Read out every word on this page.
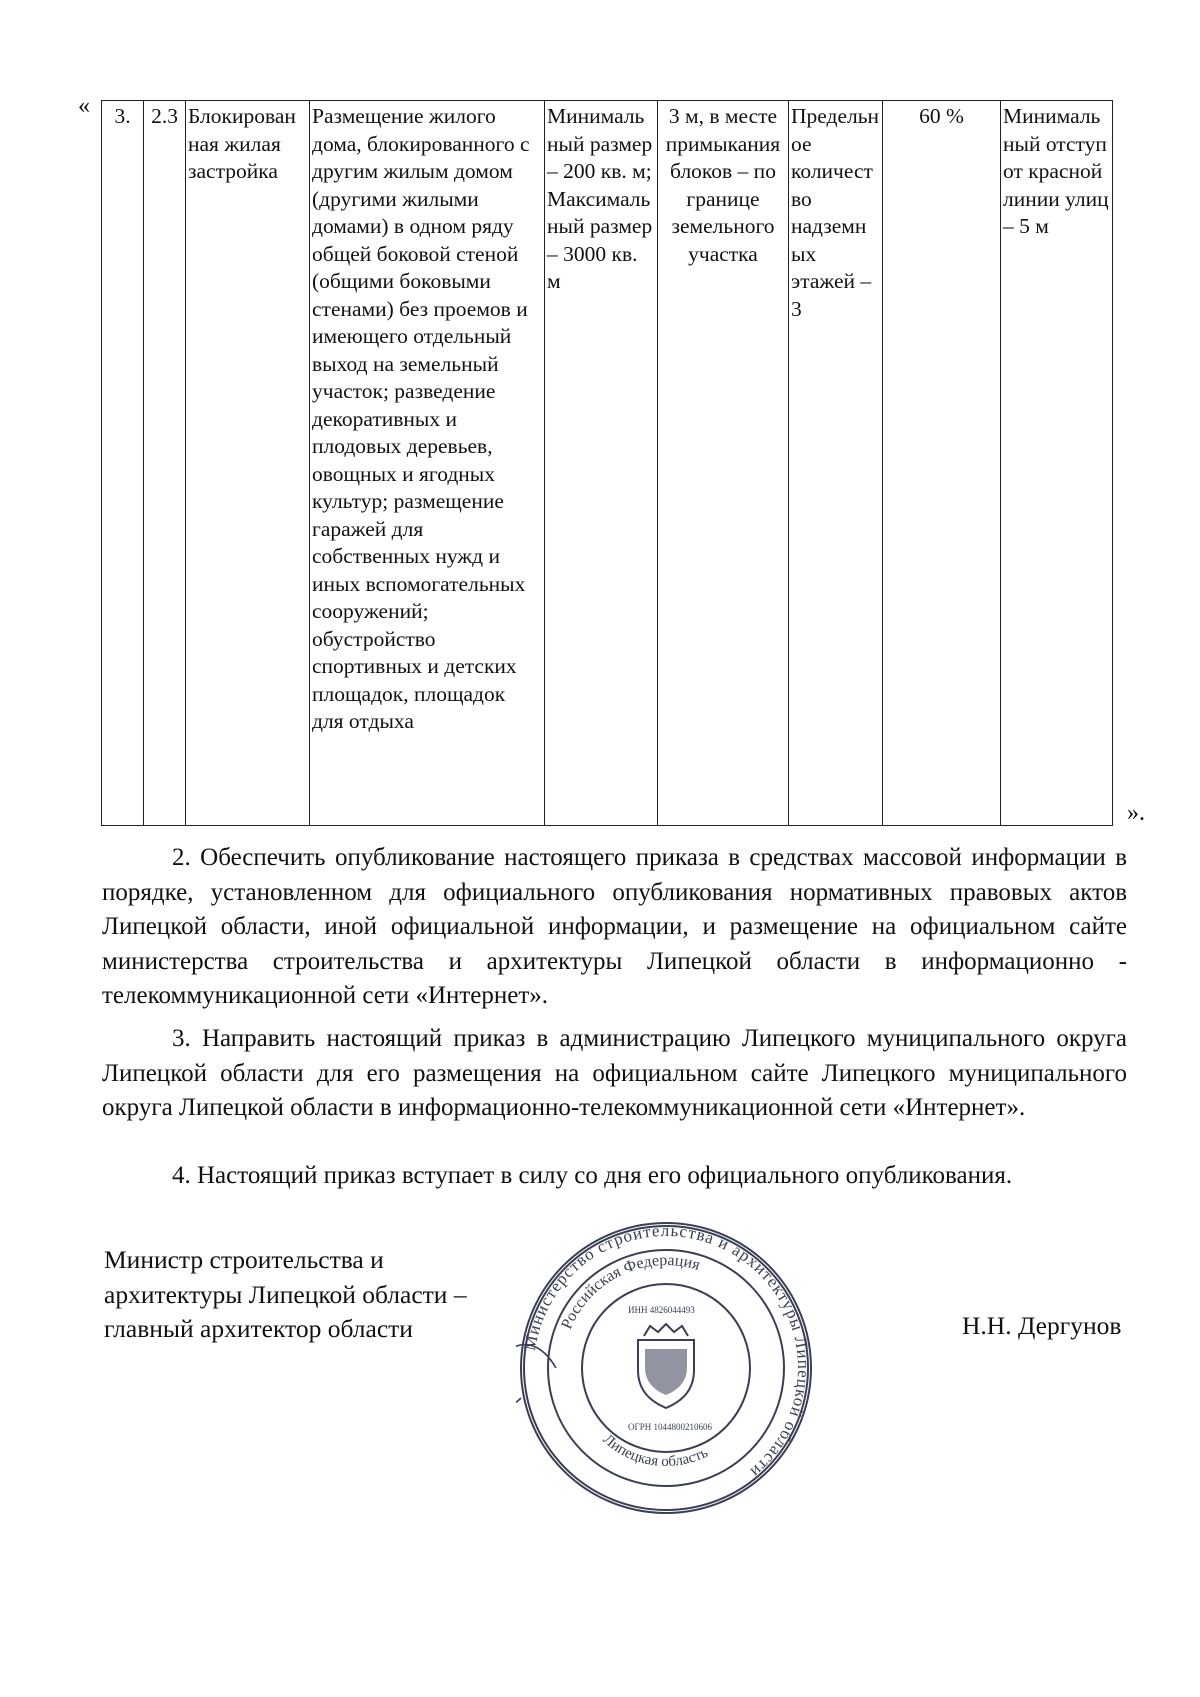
« 3.	2.3	Блокированная жилая застройка	Размещение жилого дома, блокированного с другим жилым домом (другими жилыми домами) в одном ряду общей боковой стеной (общими боковыми стенами) без проемов и имеющего отдельный выход на земельный участок; разведение декоративных и плодовых деревьев, овощных и ягодных культур; размещение гаражей для собственных нужд и иных вспомогательных сооружений; обустройство спортивных и детских площадок, площадок для отдыха	Минимальный размер – 200 кв. м; Максимальный размер – 3000 кв. м	3 м, в месте примыкания блоков – по границе земельного участка	Предельное количество надземных этажей – 3	60 %	Минимальный отступ от красной линии улиц – 5 м
».

2. Обеспечить опубликование настоящего приказа в средствах массовой информации в порядке, установленном для официального опубликования нормативных правовых актов Липецкой области, иной официальной информации, и размещение на официальном сайте министерства строительства и архитектуры Липецкой области в информационно - телекоммуникационной сети «Интернет».

3. Направить настоящий приказ в администрацию Липецкого муниципального округа Липецкой области для его размещения на официальном сайте Липецкого муниципального округа Липецкой области в информационно-телекоммуникационной сети «Интернет».

4. Настоящий приказ вступает в силу со дня его официального опубликования.

Министр строительства и
архитектуры Липецкой области –
главный архитектор области	Министерство строительства и архитектуры Липецкой области
Российская Федерация
ИНН 4826044493
ОГРН 1044800210606
Липецкая область
Н.Н. Дергунов
